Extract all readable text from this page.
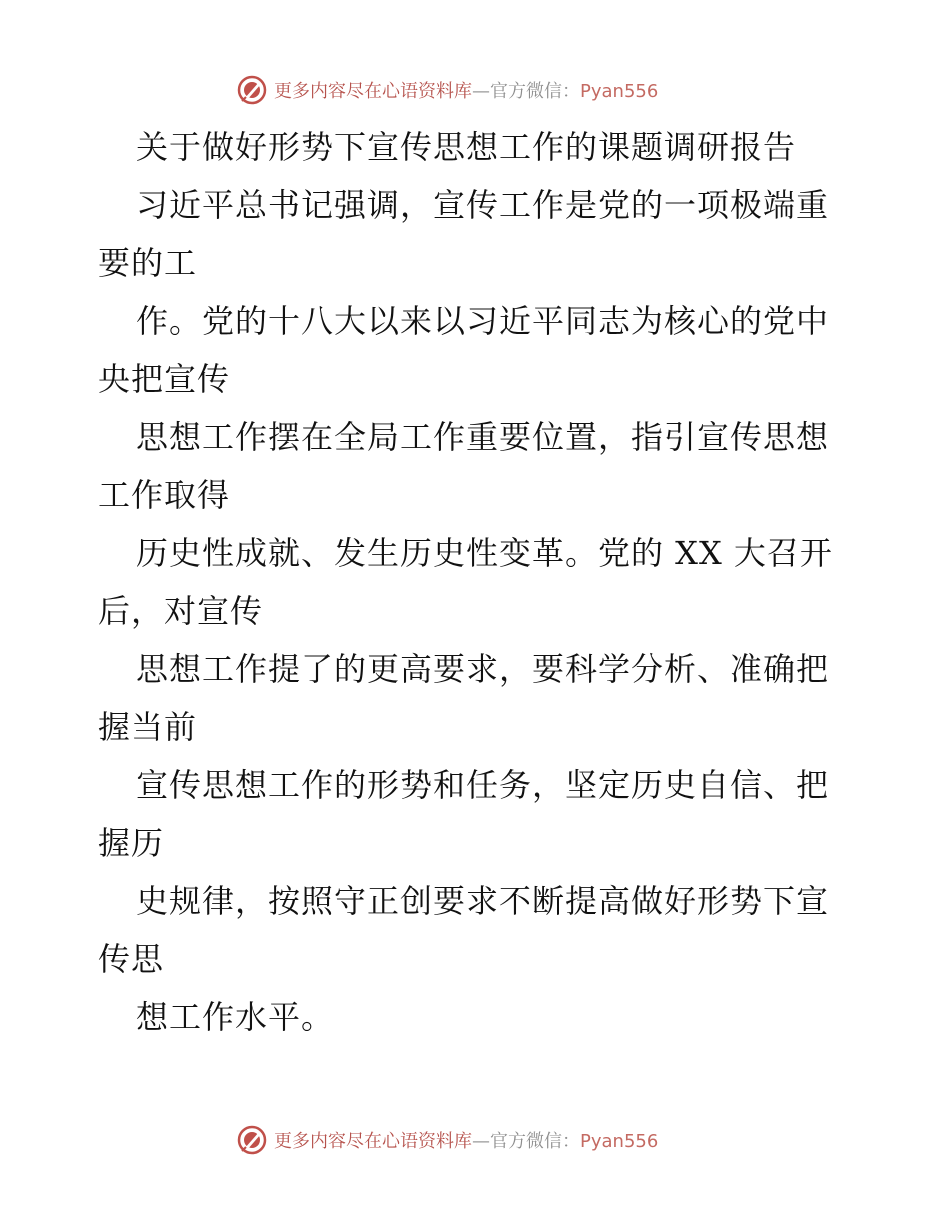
更多内容尽在心语资料库—官方微信：Pyan556
关于做好形势下宣传思想工作的课题调研报告
习近平总书记强调，宣传工作是党的一项极端重
要的工
作。党的十八大以来以习近平同志为核心的党中
央把宣传
思想工作摆在全局工作重要位置，指引宣传思想
工作取得
历史性成就、发生历史性变革。党的 XX 大召开
后，对宣传
思想工作提了的更高要求，要科学分析、准确把
握当前
宣传思想工作的形势和任务，坚定历史自信、把
握历
史规律，按照守正创要求不断提高做好形势下宣
传思
想工作水平。
更多内容尽在心语资料库—官方微信：Pyan556
